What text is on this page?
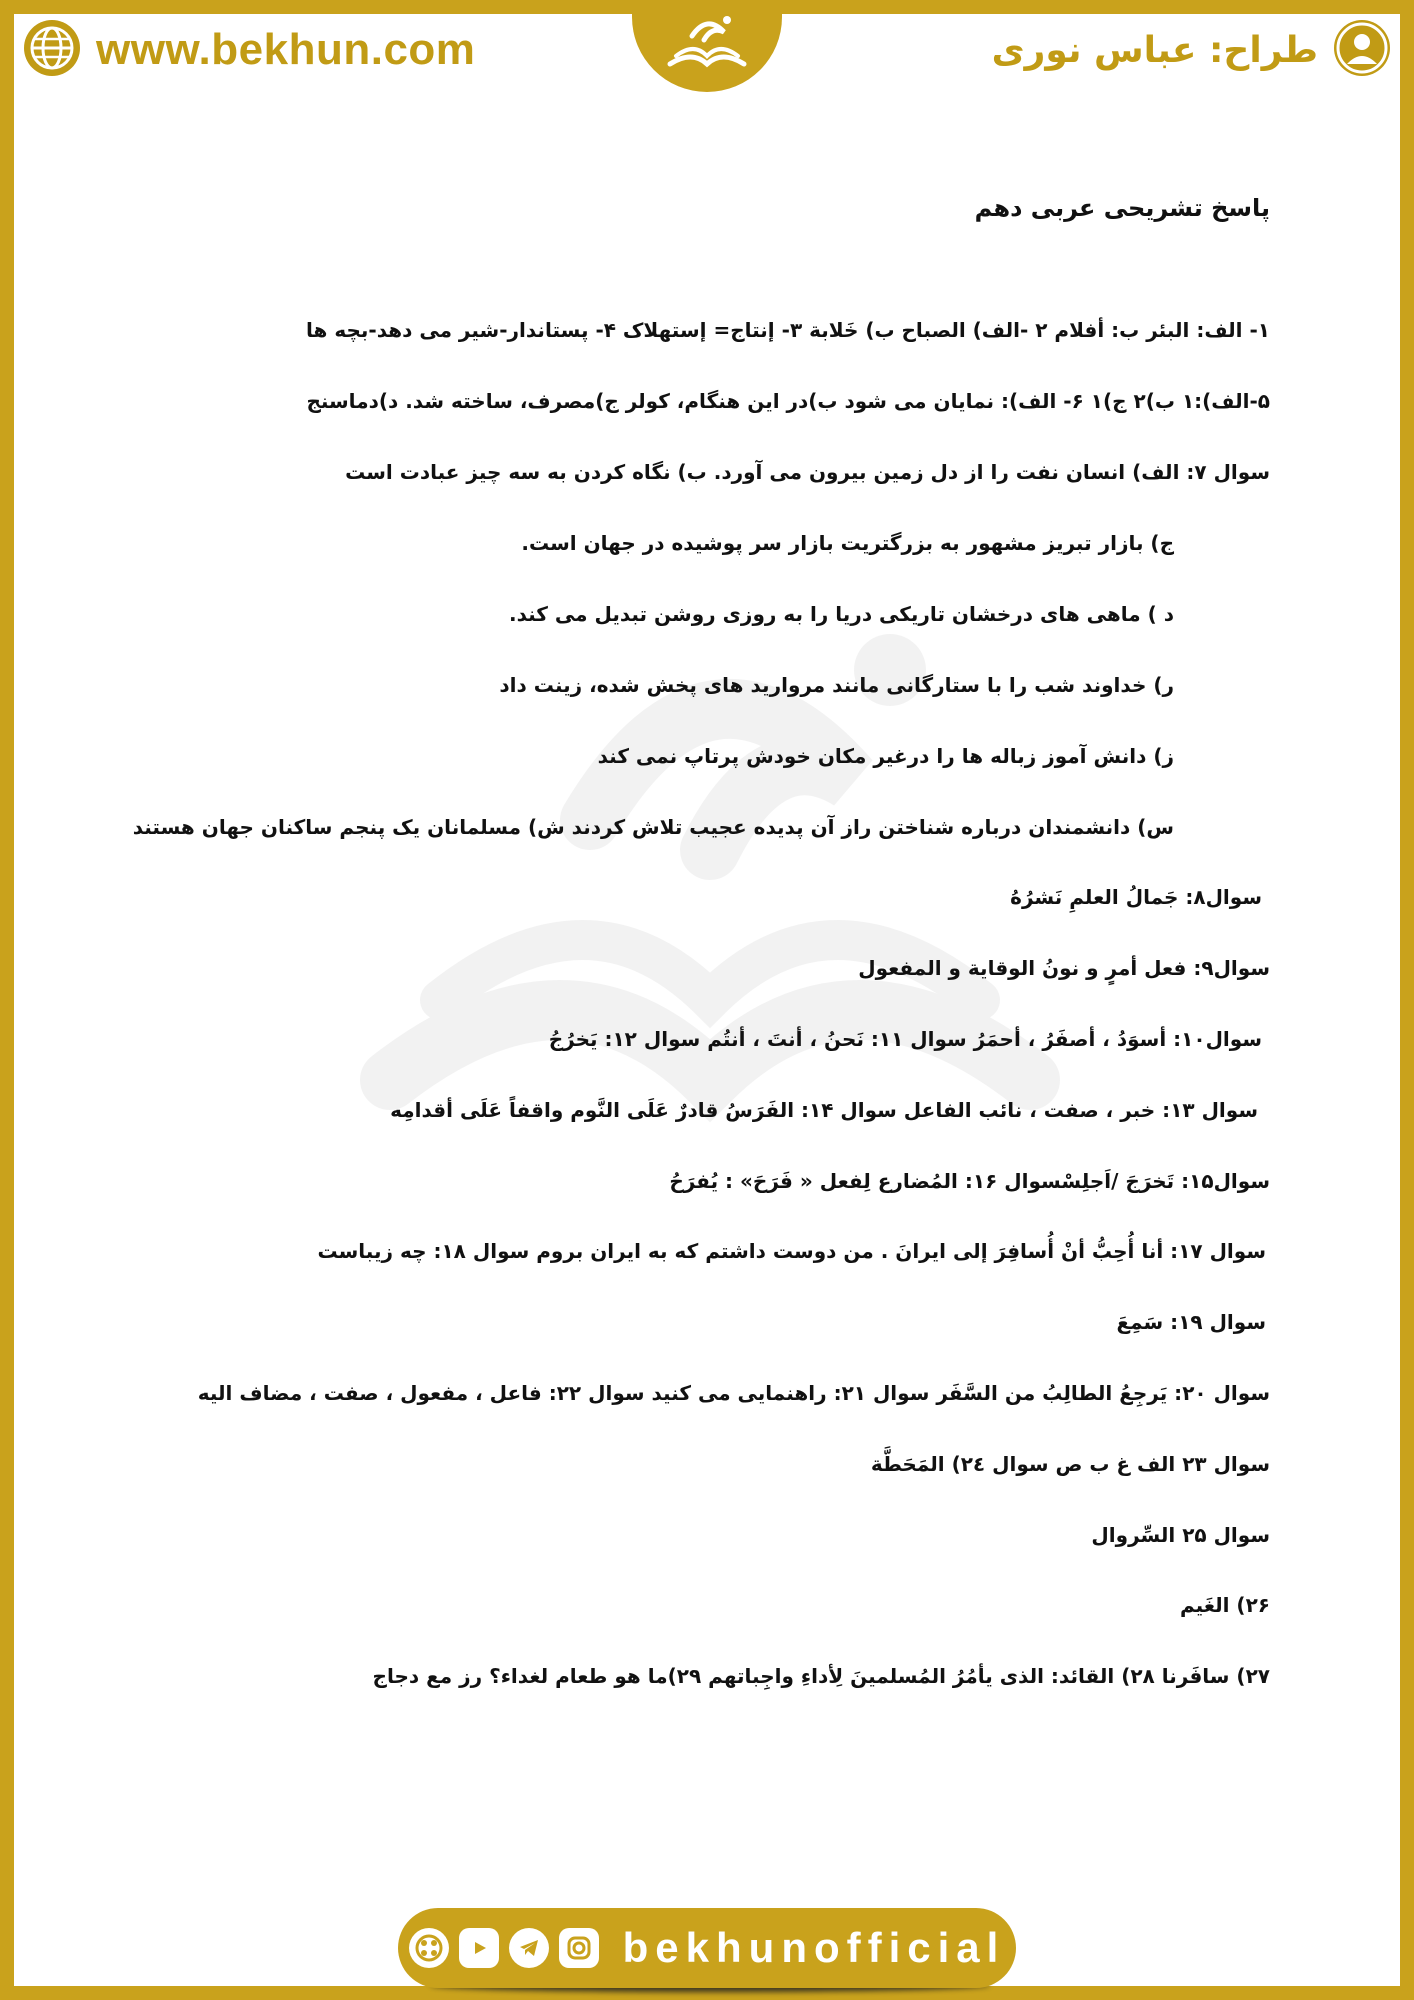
www.bekhun.com	طراح: عباس نوری
پاسخ تشریحی عربی دهم
۱- الف: البئر ب: أفلام ۲ -الف) الصباح ب) خَلابة ۳- إنتاج= إستهلاک ۴- پستاندار-شیر می دهد-بچه ها
۵-الف):۱ ب)۲ ج)۱ ۶- الف): نمایان می شود ب)در این هنگام، کولر ج)مصرف، ساخته شد. د)دماسنج
سوال ۷: الف) انسان نفت را از دل زمین بیرون می آورد. ب) نگاه کردن به سه چیز عبادت است
ج) بازار تبریز مشهور به بزرگتریت بازار سر پوشیده در جهان است.
د ) ماهی های درخشان تاریکی دریا را به روزی روشن تبدیل می کند.
ر) خداوند شب را با ستارگانی مانند مروارید های پخش شده، زینت داد
ز) دانش آموز زباله ها را درغیر مکان خودش پرتاپ نمی کند
س) دانشمندان درباره شناختن راز آن پدیده عجیب تلاش کردند ش) مسلمانان یک پنجم ساکنان جهان هستند
سوال۸: جَمالُ العلمِ نَشرُهُ
سوال۹: فعل أمرٍ و نونُ الوقاية و المفعول
سوال۱۰: أسوَدُ ، أصفَرُ ، أحمَرُ سوال ۱۱: نَحنُ ، أنتَ ، أنتُم سوال ۱۲: يَخرُجُ
سوال ۱۳: خبر ، صفت ، نائب الفاعل سوال ۱۴: الفَرَسُ قادرٌ عَلَى النَّوم واقفاً عَلَى أقدامِه
سوال۱۵: تَخرَجَ /اَجلِسْسوال ۱۶: المُضارع لِفعل « فَرَحَ» : يُفرَحُ
سوال ۱۷: أنا أُحِبُّ أنْ أُسافِرَ إلى ايرانَ . من دوست داشتم که به ایران بروم سوال ۱۸: چه زیباست
سوال ۱۹: سَمِعَ
سوال ۲۰: يَرجِعُ الطالِبُ من السَّفَر سوال ۲۱: راهنمایی می کنید سوال ۲۲: فاعل ، مفعول ، صفت ، مضاف الیه
سوال ۲۳ الف غ ب ص سوال ۲٤) المَحَطَّة
سوال ۲۵ السِّروال
۲۶) الغَيم
۲۷) سافَرنا ۲۸) القائد: الذی يأمُرُ المُسلمينَ لِأداءِ واجِباتهم ۲۹)ما هو طعام لغداء؟ رز مع دجاج
bekhunofficial
